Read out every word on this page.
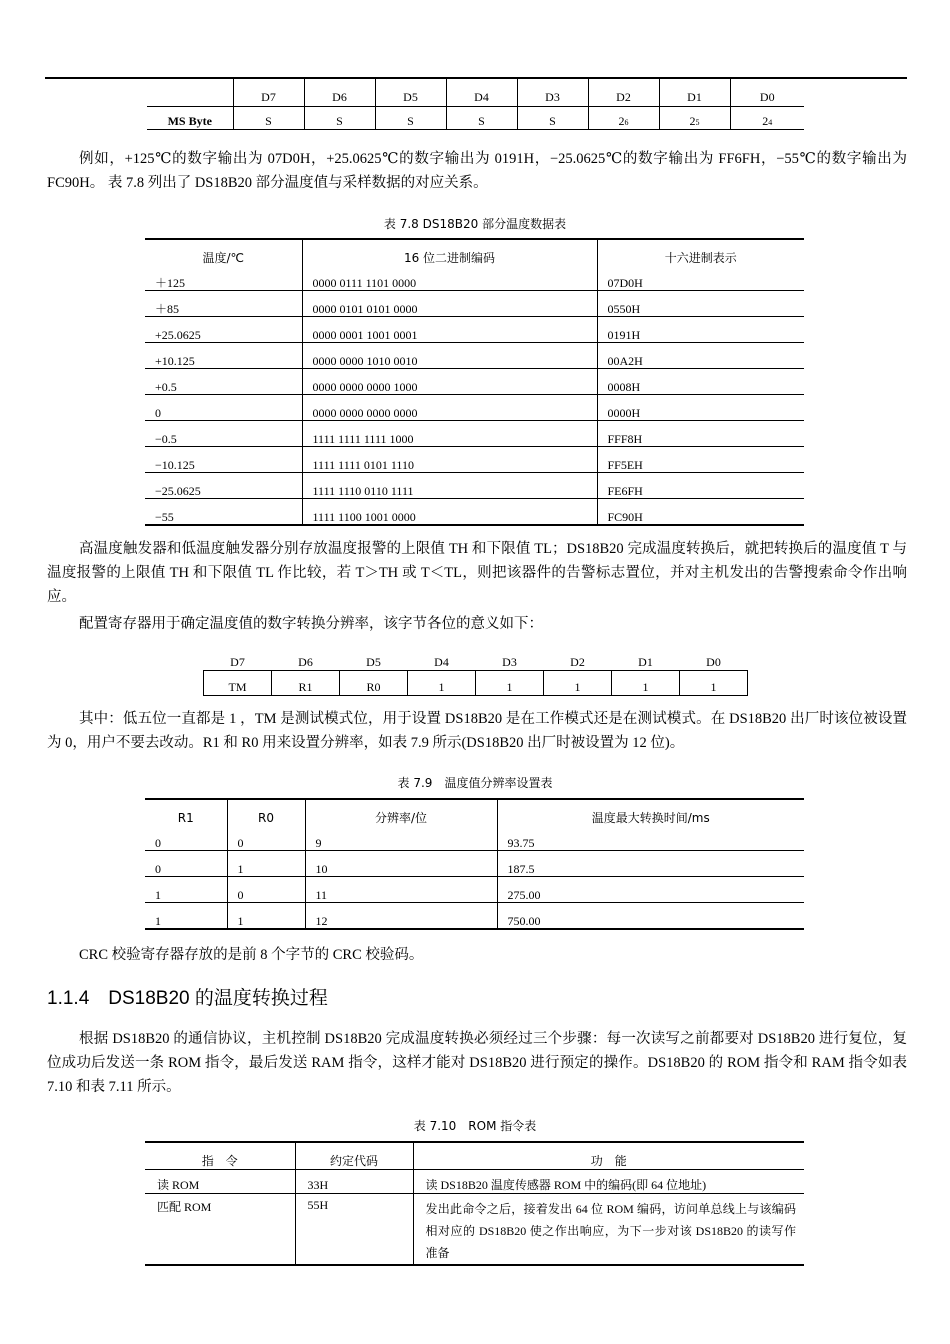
	D7	D6	D5	D4	D3	D2	D1	D0
MS Byte	S	S	S	S	S	26	25	24
例如，+125℃的数字输出为 07D0H，+25.0625℃的数字输出为 0191H，−25.0625℃的数字输出为 FF6FH，−55℃的数字输出为 FC90H。 表 7.8 列出了 DS18B20 部分温度值与采样数据的对应关系。
表 7.8 DS18B20 部分温度数据表
温度/℃	16 位二进制编码	十六进制表示
＋125	0000 0111 1101 0000	07D0H
＋85	0000 0101 0101 0000	0550H
+25.0625	0000 0001 1001 0001	0191H
+10.125	0000 0000 1010 0010	00A2H
+0.5	0000 0000 0000 1000	0008H
0	0000 0000 0000 0000	0000H
−0.5	1111 1111 1111 1000	FFF8H
−10.125	1111 1111 0101 1110	FF5EH
−25.0625	1111 1110 0110 1111	FE6FH
−55	1111 1100 1001 0000	FC90H
高温度触发器和低温度触发器分别存放温度报警的上限值 TH 和下限值 TL；DS18B20 完成温度转换后，就把转换后的温度值 T 与温度报警的上限值 TH 和下限值 TL 作比较，若 T＞TH 或 T＜TL，则把该器件的告警标志置位，并对主机发出的告警搜索命令作出响应。
配置寄存器用于确定温度值的数字转换分辨率，该字节各位的意义如下：
D7	D6	D5	D4	D3	D2	D1	D0
TM	R1	R0	1	1	1	1	1
其中：低五位一直都是 1 ，TM 是测试模式位，用于设置 DS18B20 是在工作模式还是在测试模式。在 DS18B20 出厂时该位被设置为 0，用户不要去改动。R1 和 R0 用来设置分辨率，如表 7.9 所示(DS18B20 出厂时被设置为 12 位)。
表 7.9　温度值分辨率设置表
R1	R0	分辨率/位	温度最大转换时间/ms
0	0	9	93.75
0	1	10	187.5
1	0	11	275.00
1	1	12	750.00
CRC 校验寄存器存放的是前 8 个字节的 CRC 校验码。
1.1.4　DS18B20 的温度转换过程
根据 DS18B20 的通信协议，主机控制 DS18B20 完成温度转换必须经过三个步骤：每一次读写之前都要对 DS18B20 进行复位，复位成功后发送一条 ROM 指令，最后发送 RAM 指令，这样才能对 DS18B20 进行预定的操作。DS18B20 的 ROM 指令和 RAM 指令如表 7.10 和表 7.11 所示。
表 7.10　ROM 指令表
指　令	约定代码	功　能
读 ROM	33H	读 DS18B20 温度传感器 ROM 中的编码(即 64 位地址)
匹配 ROM	55H	发出此命令之后，接着发出 64 位 ROM 编码，访问单总线上与该编码相对应的 DS18B20 使之作出响应，为下一步对该 DS18B20 的读写作准备
